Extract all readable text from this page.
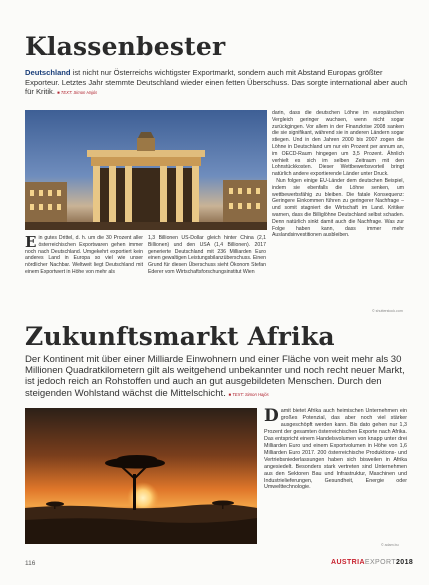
Klassenbester
Deutschland ist nicht nur Österreichs wichtigster Exportmarkt, sondern auch mit Abstand Europas größter Exporteur. Letztes Jahr stemmte Deutschland wieder einen fetten Überschuss. Das sorgte international aber auch für Kritik. ■ TEXT: Simon Hajós
Ein gutes Drittel, d. h. um die 30 Prozent aller österreichischen Exportwaren gehen immer noch nach Deutschland. Umgekehrt exportiert kein anderes Land in Europa so viel wie unser nördlicher Nachbar. Weltweit liegt Deutschland mit einem Exportwert in Höhe von mehr als
1,3 Billionen US-Dollar gleich hinter China (2,1 Billionen) und den USA (1,4 Billionen). 2017 generierte Deutschland mit 236 Milliarden Euro einen gewaltigen Leistungsbilanzüberschuss. Einen Grund für diesen Überschuss sieht Ökonom Stefan Ederer vom Wirtschaftsforschungsinstitut Wien
darin, dass die deutschen Löhne im europäischen Vergleich geringer wuchsen, wenn nicht sogar zurückgingen. Vor allem in der Finanzkrise 2008 sanken die sie signifikant, während sie in anderen Ländern sogar stiegen. Und in den Jahren 2000 bis 2007 zogen die Löhne in Deutschland um nur ein Prozent per annum an, im OECD-Raum hingegen um 3,5 Prozent. Ähnlich verhielt es sich im selben Zeitraum mit den Lohnstückkosten. Dieser Wettbewerbsvorteil bringt natürlich andere exportierende Länder unter Druck.
Nun folgen einige EU-Länder dem deutschen Beispiel, indem sie ebenfalls die Löhne senken, um wettbewerbsfähig zu bleiben. Die fatale Konsequenz: Geringere Einkommen führen zu geringerer Nachfrage – und somit stagniert die Wirtschaft im Land. Kritiker warnen, dass die Billiglöhne Deutschland selbst schaden. Denn natürlich sinkt damit auch die Nachfrage. Was zur Folge haben kann, dass immer mehr Auslandsinvestitionen ausbleiben.
© shutterstock.com
Zukunftsmarkt Afrika
Der Kontinent mit über einer Milliarde Einwohnern und einer Fläche von weit mehr als 30 Millionen Quadratkilometern gilt als weitgehend unbekannter und noch recht neuer Markt, ist jedoch reich an Rohstoffen und auch an gut ausgebildeten Menschen. Durch den steigenden Wohlstand wächst die Mittelschicht. ■ TEXT: Simon Hajós
Damit bietet Afrika auch heimischen Unternehmen ein großes Potenzial, das aber noch viel stärker ausgeschöpft werden kann. Bis dato gehen nur 1,3 Prozent der gesamten österreichischen Exporte nach Afrika. Das entspricht einem Handelsvolumen von knapp unter drei Milliarden Euro und einem Exportvolumen in Höhe von 1,6 Milliarden Euro 2017. 200 österreichische Produktions- und Vertriebsniederlassungen haben sich bisweilen in Afrika angesiedelt. Besonders stark vertreten sind Unternehmen aus den Sektoren Bau und Infrastruktur, Maschinen und Industrielieferungen, Gesundheit, Energie oder Umwelttechnologie.
© adam.bu
116	AUSTRIAEXPORT2018
